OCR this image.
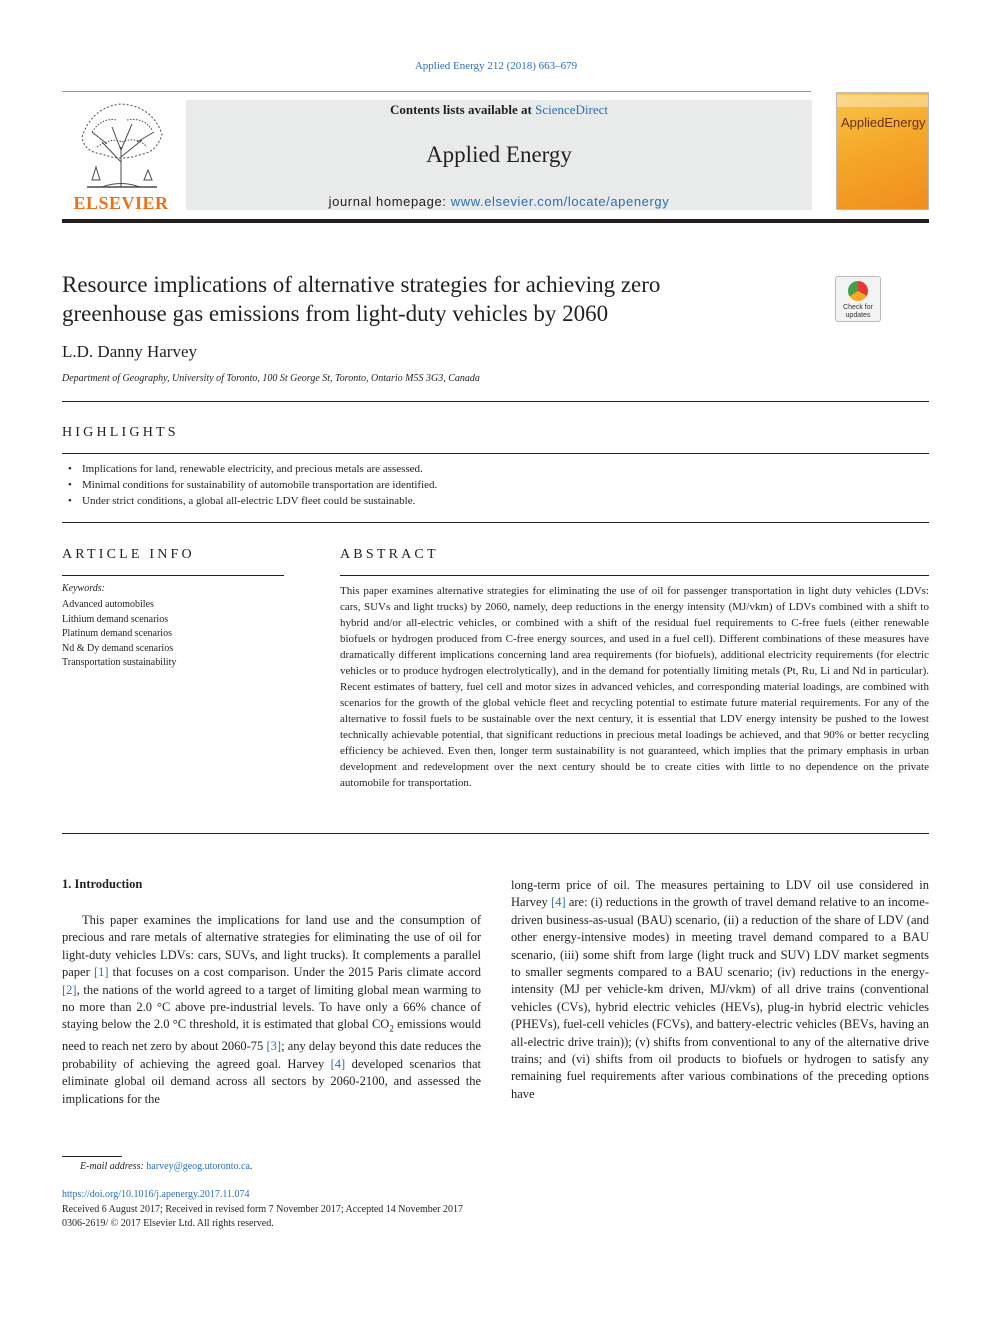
Applied Energy 212 (2018) 663–679
ELSEVIER
Contents lists available at ScienceDirect
Applied Energy
journal homepage: www.elsevier.com/locate/apenergy
AppliedEnergy
Resource implications of alternative strategies for achieving zero
greenhouse gas emissions from light-duty vehicles by 2060	Check for updates
L.D. Danny Harvey
Department of Geography, University of Toronto, 100 St George St, Toronto, Ontario M5S 3G3, Canada
HIGHLIGHTS
• Implications for land, renewable electricity, and precious metals are assessed.
• Minimal conditions for sustainability of automobile transportation are identified.
• Under strict conditions, a global all-electric LDV fleet could be sustainable.
ARTICLE INFO
Keywords:
Advanced automobiles
Lithium demand scenarios
Platinum demand scenarios
Nd & Dy demand scenarios
Transportation sustainability
ABSTRACT

This paper examines alternative strategies for eliminating the use of oil for passenger transportation in light duty vehicles (LDVs: cars, SUVs and light trucks) by 2060, namely, deep reductions in the energy intensity (MJ/vkm) of LDVs combined with a shift to hybrid and/or all-electric vehicles, or combined with a shift of the residual fuel requirements to C-free fuels (either renewable biofuels or hydrogen produced from C-free energy sources, and used in a fuel cell). Different combinations of these measures have dramatically different implications concerning land area requirements (for biofuels), additional electricity requirements (for electric vehicles or to produce hydrogen electrolytically), and in the demand for potentially limiting metals (Pt, Ru, Li and Nd in particular). Recent estimates of battery, fuel cell and motor sizes in advanced vehicles, and corresponding material loadings, are combined with scenarios for the growth of the global vehicle fleet and recycling potential to estimate future material requirements. For any of the alternative to fossil fuels to be sustainable over the next century, it is essential that LDV energy intensity be pushed to the lowest technically achievable potential, that significant reductions in precious metal loadings be achieved, and that 90% or better recycling efficiency be achieved. Even then, longer term sustainability is not guaranteed, which implies that the primary emphasis in urban development and redevelopment over the next century should be to create cities with little to no dependence on the private automobile for transportation.

1. Introduction

This paper examines the implications for land use and the consumption of precious and rare metals of alternative strategies for eliminating the use of oil for light-duty vehicles LDVs: cars, SUVs, and light trucks). It complements a parallel paper [1] that focuses on a cost comparison. Under the 2015 Paris climate accord [2], the nations of the world agreed to a target of limiting global mean warming to no more than 2.0 °C above pre-industrial levels. To have only a 66% chance of staying below the 2.0 °C threshold, it is estimated that global $CO_2$ emissions would need to reach net zero by about 2060-75 [3]; any delay beyond this date reduces the probability of achieving the agreed goal. Harvey [4] developed scenarios that eliminate global oil demand across all sectors by 2060-2100, and assessed the implications for the

long-term price of oil. The measures pertaining to LDV oil use considered in Harvey [4] are: (i) reductions in the growth of travel demand relative to an income-driven business-as-usual (BAU) scenario, (ii) a reduction of the share of LDV (and other energy-intensive modes) in meeting travel demand compared to a BAU scenario, (iii) some shift from large (light truck and SUV) LDV market segments to smaller segments compared to a BAU scenario; (iv) reductions in the energy-intensity (MJ per vehicle-km driven, MJ/vkm) of all drive trains (conventional vehicles (CVs), hybrid electric vehicles (HEVs), plug-in hybrid electric vehicles (PHEVs), fuel-cell vehicles (FCVs), and battery-electric vehicles (BEVs, having an all-electric drive train)); (v) shifts from conventional to any of the alternative drive trains; and (vi) shifts from oil products to biofuels or hydrogen to satisfy any remaining fuel requirements after various combinations of the preceding options have

E-mail address: harvey@geog.utoronto.ca.
https://doi.org/10.1016/j.apenergy.2017.11.074
Received 6 August 2017; Received in revised form 7 November 2017; Accepted 14 November 2017
0306-2619/ © 2017 Elsevier Ltd. All rights reserved.
